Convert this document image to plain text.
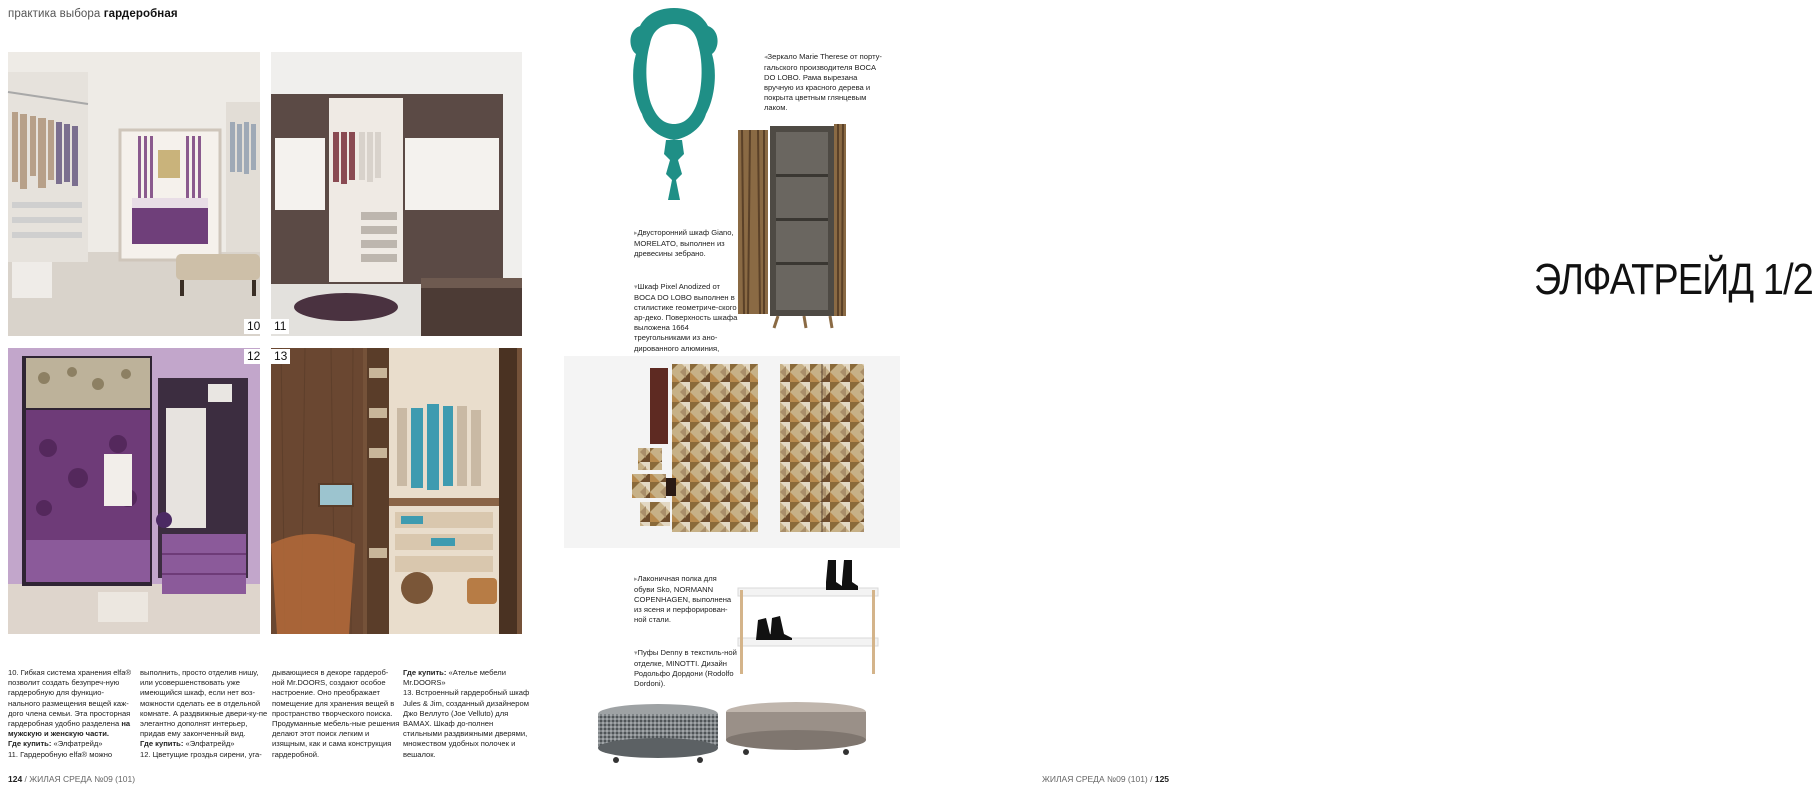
практика выбора гардеробная
10 11
12 13

10. Гибкая система хранения elfa® позволит создать безупреч-ную гардеробную для функцио-нального размещения вещей каж-дого члена семьи. Эта просторная гардеробная удобно разделена на мужскую и женскую части.

Где купить: «Элфатрейд»

11. Гардеробную elfa® можно

выполнить, просто отделив нишу, или усовершенствовать уже имеющийся шкаф, если нет воз-можности сделать ее в отдельной комнате. А раздвижные двери-ку-пе элегантно дополнят интерьер, придав ему законченный вид.

Где купить: «Элфатрейд»

12. Цветущие гроздья сирени, уга-

дывающиеся в декоре гардероб-ной Mr.DOORS, создают особое настроение. Оно преображает помещение для хранения вещей в пространство творческого поиска. Продуманные мебель-ные решения делают этот поиск легким и изящным, как и сама конструкция гардеробной.

Где купить: «Ателье мебели Mr.DOORS»

13. Встроенный гардеробный шкаф Jules & Jim, созданный дизайнером Джо Веллуто (Joe Velluto) для BAMAX. Шкаф до-полнен стильными раздвижными дверями, множеством удобных полочек и вешалок.

124 / ЖИЛАЯ СРЕДА №09 (101)
◂Зеркало Marie Therese от порту-гальского производителя BOCA DO LOBO. Рама вырезана вручную из красного дерева и покрыта цветным глянцевым лаком.
▸Двусторонний шкаф Giano, MORELATO, выполнен из древесины зебрано.
▾Шкаф Pixel Anodized от BOCA DO LOBO выполнен в стилистике геометриче-ского ар-деко. Поверхность шкафа выложена 1664 треугольниками из ано-дированного алюминия,
ЭЛФАТРЕЙД 1/2
▸Лаконичная полка для обуви Sko, NORMANN COPENHAGEN, выполнена из ясеня и перфорирован-ной стали.
▾Пуфы Denny в текстиль-ной отделке, MINOTTI. Дизайн Родольфо Дордони (Rodolfo Dordoni).
ЖИЛАЯ СРЕДА №09 (101) / 125
